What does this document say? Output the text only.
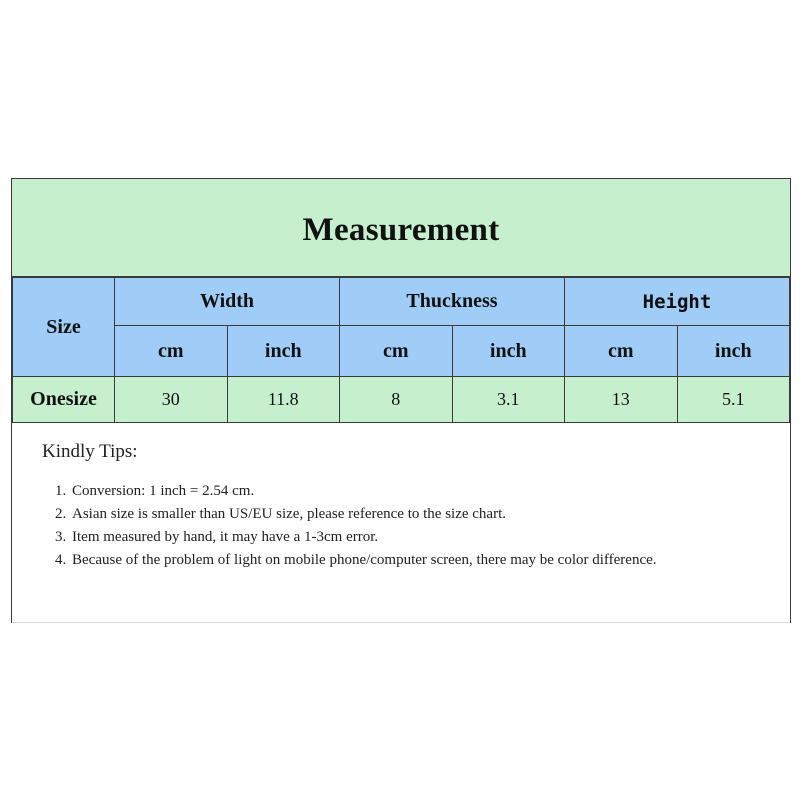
Measurement
Size	Width		Thuckness		Height	
	cm	inch	cm	inch	cm	inch
Onesize	30	11.8	8	3.1	13	5.1

Kindly Tips:

1. Conversion: 1 inch = 2.54 cm.
2. Asian size is smaller than US/EU size, please reference to the size chart.
3. Item measured by hand, it may have a 1-3cm error.
4. Because of the problem of light on mobile phone/computer screen, there may be color difference.
